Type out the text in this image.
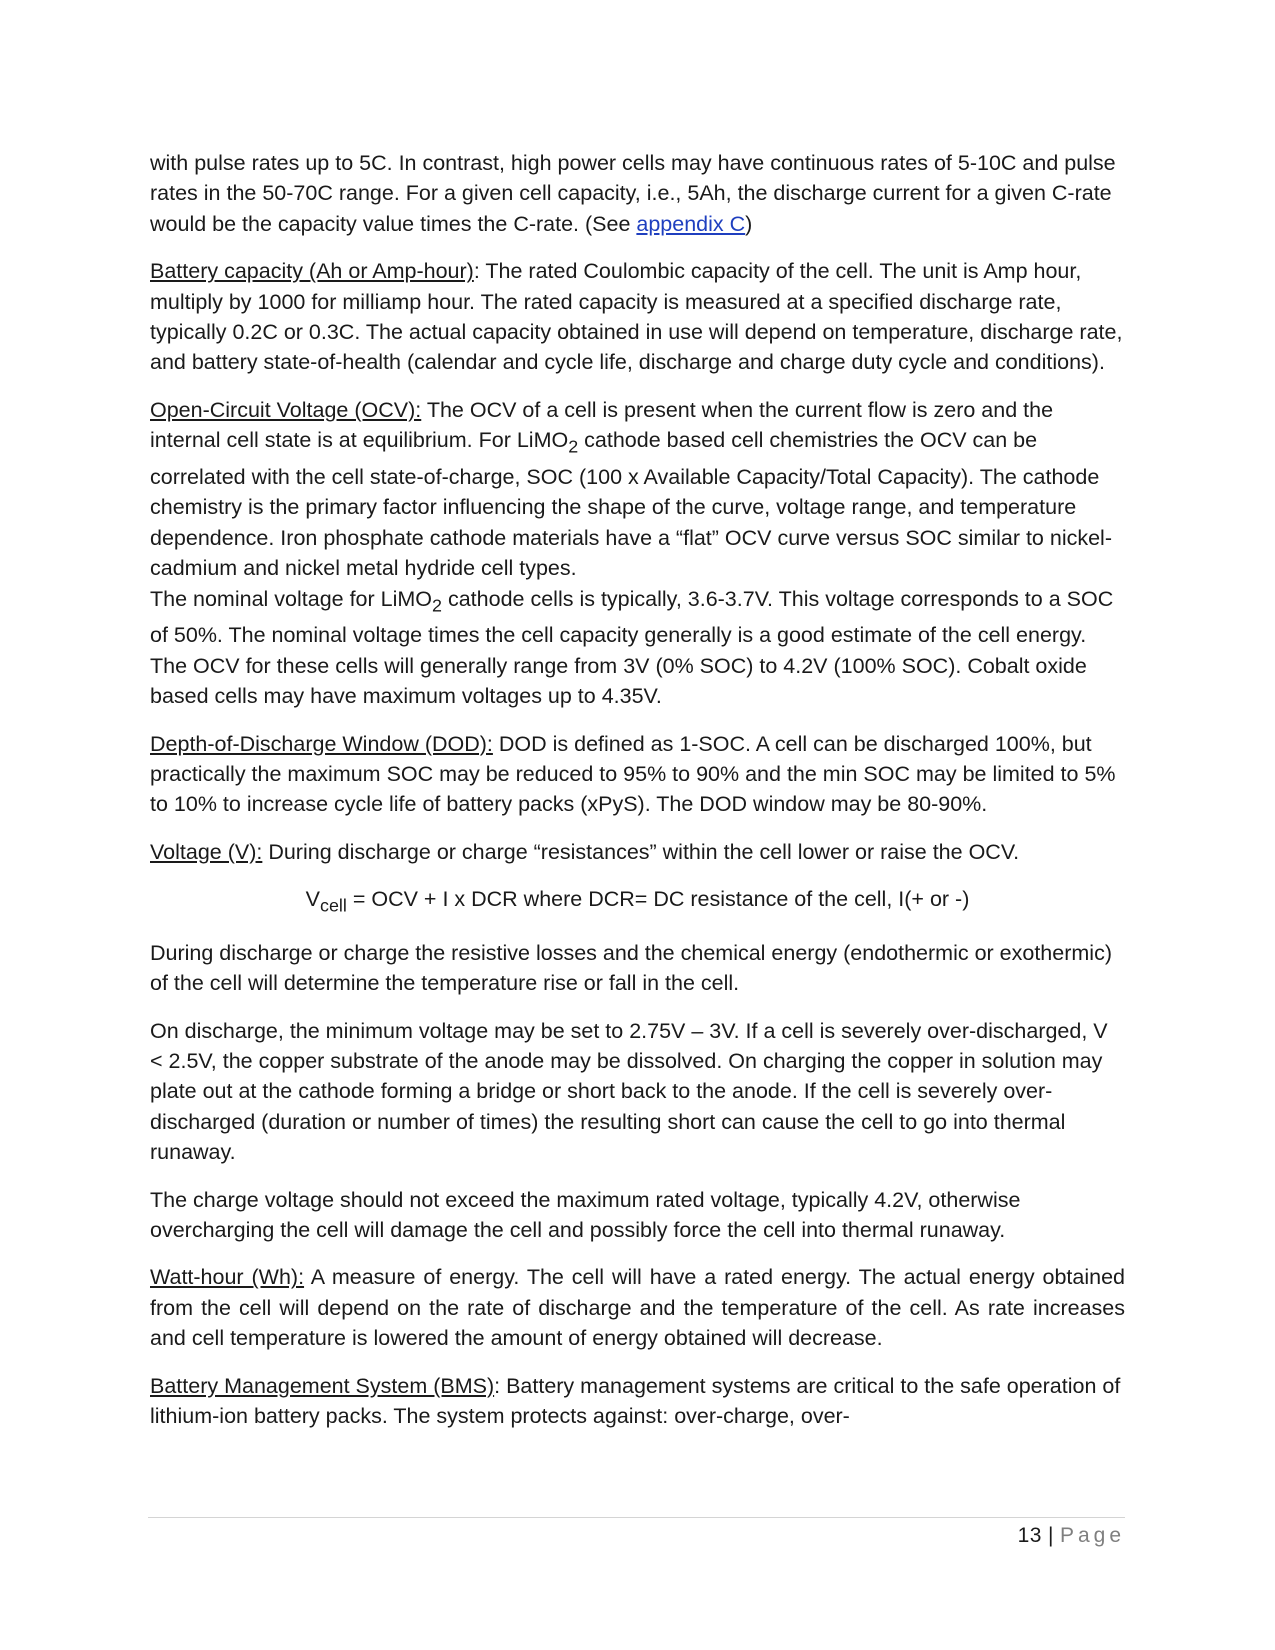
with pulse rates up to 5C. In contrast, high power cells may have continuous rates of 5-10C and pulse rates in the 50-70C range. For a given cell capacity, i.e., 5Ah, the discharge current for a given C-rate would be the capacity value times the C-rate. (See appendix C)

Battery capacity (Ah or Amp-hour): The rated Coulombic capacity of the cell. The unit is Amp hour, multiply by 1000 for milliamp hour. The rated capacity is measured at a specified discharge rate, typically 0.2C or 0.3C. The actual capacity obtained in use will depend on temperature, discharge rate, and battery state-of-health (calendar and cycle life, discharge and charge duty cycle and conditions).

Open-Circuit Voltage (OCV): The OCV of a cell is present when the current flow is zero and the internal cell state is at equilibrium. For LiMO$_2$ cathode based cell chemistries the OCV can be correlated with the cell state-of-charge, SOC (100 x Available Capacity/Total Capacity). The cathode chemistry is the primary factor influencing the shape of the curve, voltage range, and temperature dependence. Iron phosphate cathode materials have a “flat” OCV curve versus SOC similar to nickel-cadmium and nickel metal hydride cell types.

The nominal voltage for LiMO$_2$ cathode cells is typically, 3.6-3.7V. This voltage corresponds to a SOC of 50%. The nominal voltage times the cell capacity generally is a good estimate of the cell energy. The OCV for these cells will generally range from 3V (0% SOC) to 4.2V (100% SOC). Cobalt oxide based cells may have maximum voltages up to 4.35V.

Depth-of-Discharge Window (DOD): DOD is defined as 1-SOC. A cell can be discharged 100%, but practically the maximum SOC may be reduced to 95% to 90% and the min SOC may be limited to 5% to 10% to increase cycle life of battery packs (xPyS). The DOD window may be 80-90%.

Voltage (V): During discharge or charge “resistances” within the cell lower or raise the OCV.

$V_{cell}$ = OCV + I x DCR where DCR= DC resistance of the cell, I(+ or -)

During discharge or charge the resistive losses and the chemical energy (endothermic or exothermic) of the cell will determine the temperature rise or fall in the cell.

On discharge, the minimum voltage may be set to 2.75V – 3V. If a cell is severely over-discharged, V < 2.5V, the copper substrate of the anode may be dissolved. On charging the copper in solution may plate out at the cathode forming a bridge or short back to the anode. If the cell is severely over-discharged (duration or number of times) the resulting short can cause the cell to go into thermal runaway.

The charge voltage should not exceed the maximum rated voltage, typically 4.2V, otherwise overcharging the cell will damage the cell and possibly force the cell into thermal runaway.

Watt-hour (Wh): A measure of energy. The cell will have a rated energy. The actual energy obtained from the cell will depend on the rate of discharge and the temperature of the cell. As rate increases and cell temperature is lowered the amount of energy obtained will decrease.

Battery Management System (BMS): Battery management systems are critical to the safe operation of lithium-ion battery packs. The system protects against: over-charge, over-

13 | Page
